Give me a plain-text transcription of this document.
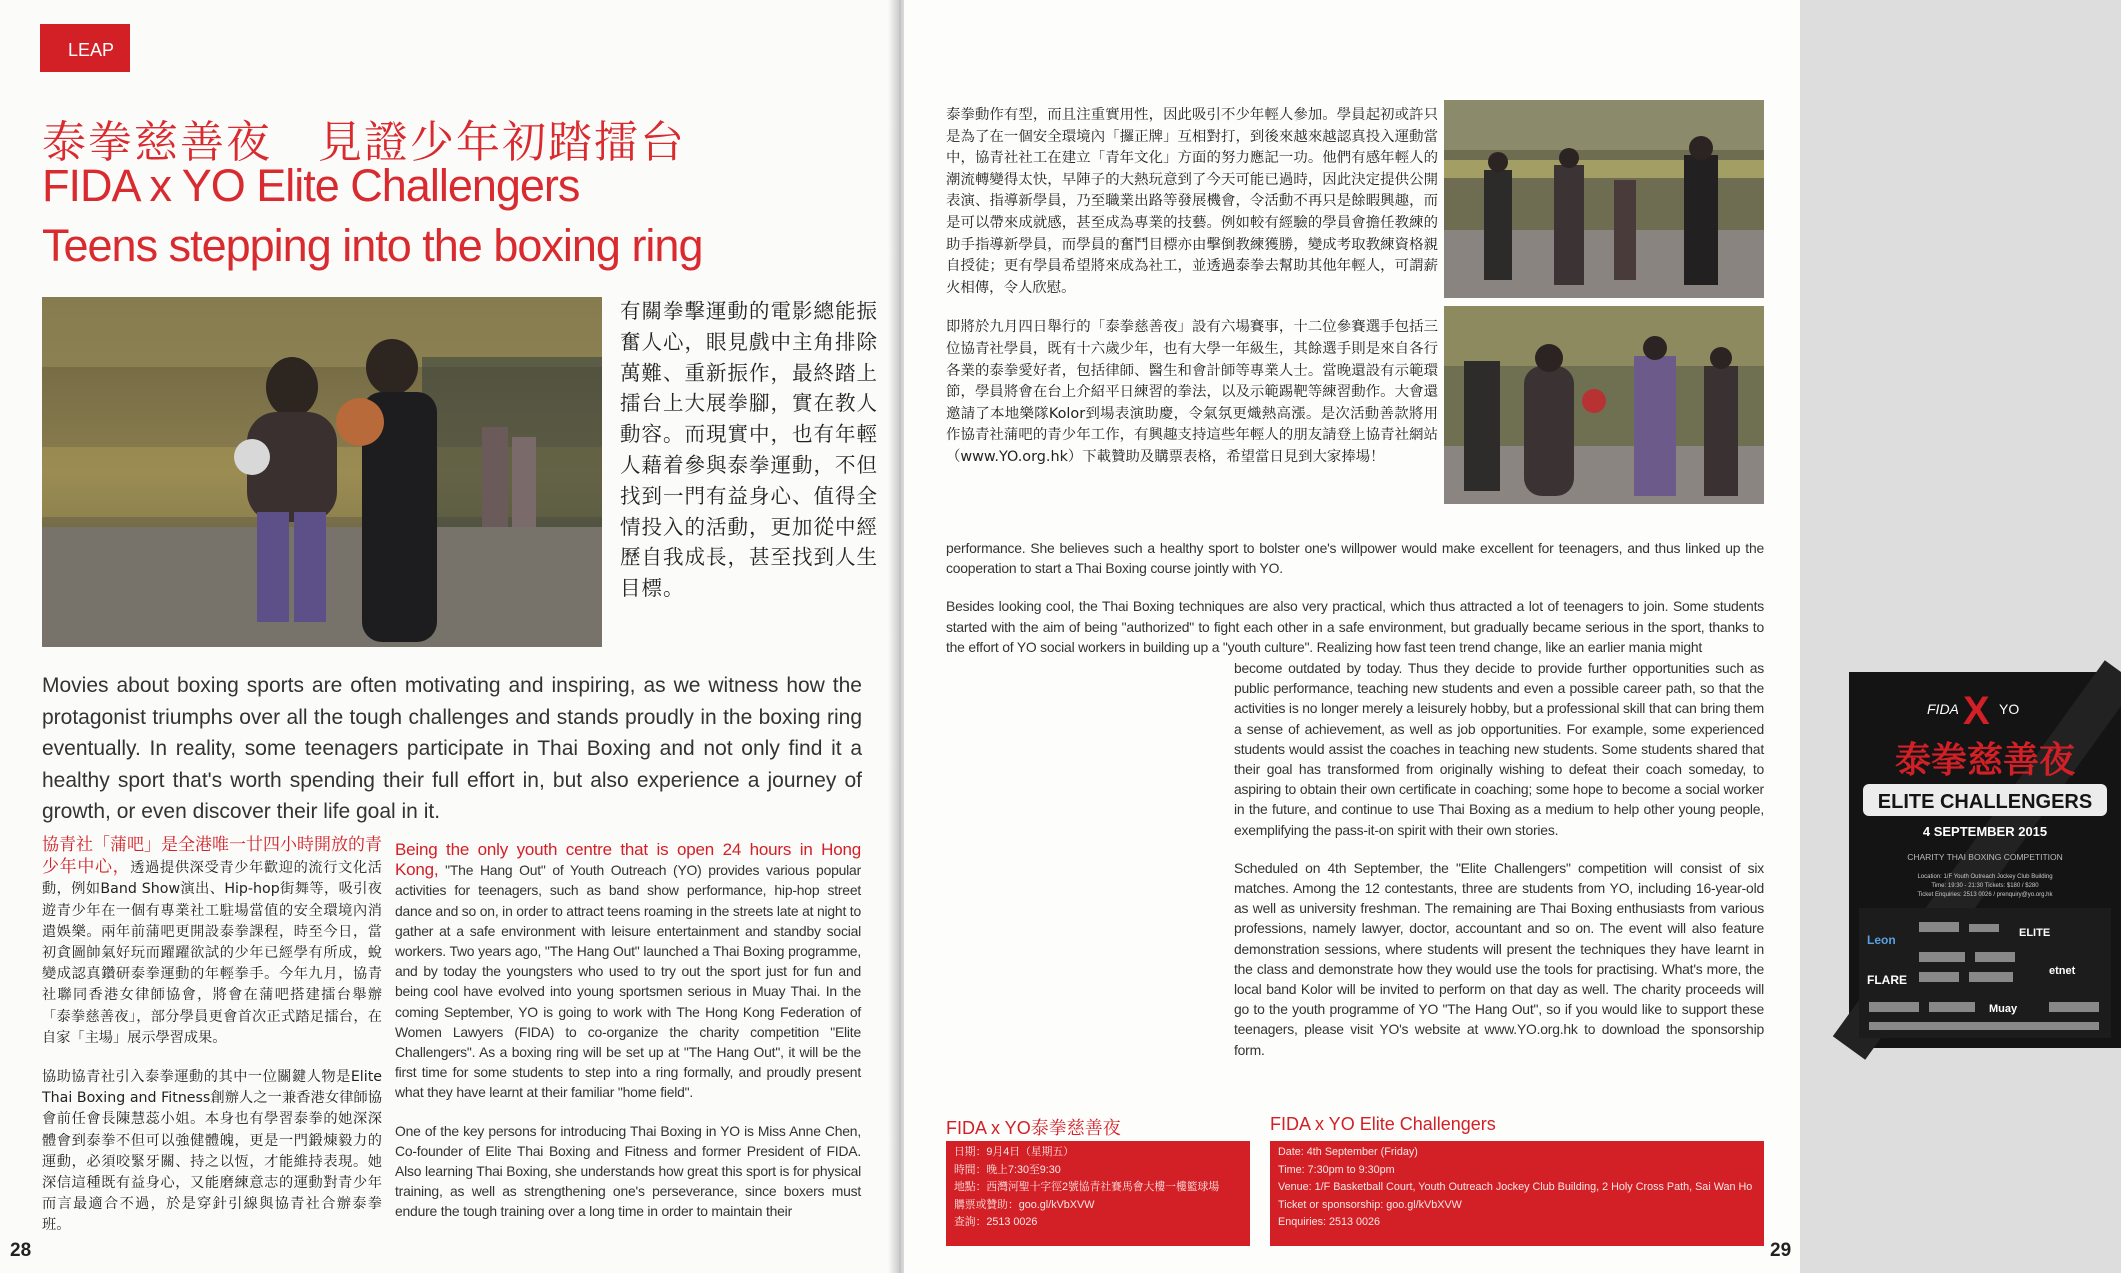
LEAP
泰拳慈善夜　見證少年初踏擂台
FIDA x YO Elite Challengers
Teens stepping into the boxing ring
有關拳擊運動的電影總能振奮人心，眼見戲中主角排除萬難、重新振作，最終踏上擂台上大展拳腳，實在教人動容。而現實中，也有年輕人藉着參與泰拳運動，不但找到一門有益身心、值得全情投入的活動，更加從中經歷自我成長，甚至找到人生目標。
Movies about boxing sports are often motivating and inspiring, as we witness how the protagonist triumphs over all the tough challenges and stands proudly in the boxing ring eventually. In reality, some teenagers participate in Thai Boxing and not only find it a healthy sport that's worth spending their full effort in, but also experience a journey of growth, or even discover their life goal in it.

協青社「蒲吧」是全港唯一廿四小時開放的青少年中心，透過提供深受青少年歡迎的流行文化活動，例如Band Show演出、Hip-hop街舞等，吸引夜遊青少年在一個有專業社工駐場當值的安全環境內消遣娛樂。兩年前蒲吧更開設泰拳課程，時至今日，當初貪圖帥氣好玩而躍躍欲試的少年已經學有所成，蛻變成認真鑽研泰拳運動的年輕拳手。今年九月，協青社聯同香港女律師協會，將會在蒲吧搭建擂台舉辦「泰拳慈善夜」，部分學員更會首次正式踏足擂台，在自家「主場」展示學習成果。

協助協青社引入泰拳運動的其中一位關鍵人物是Elite Thai Boxing and Fitness創辦人之一兼香港女律師協會前任會長陳慧蕊小姐。本身也有學習泰拳的她深深體會到泰拳不但可以強健體魄，更是一門鍛煉毅力的運動，必須咬緊牙關、持之以恆，才能維持表現。她深信這種既有益身心，又能磨練意志的運動對青少年而言最適合不過，於是穿針引線與協青社合辦泰拳班。

Being the only youth centre that is open 24 hours in Hong Kong, "The Hang Out" of Youth Outreach (YO) provides various popular activities for teenagers, such as band show performance, hip-hop street dance and so on, in order to attract teens roaming in the streets late at night to gather at a safe environment with leisure entertainment and standby social workers. Two years ago, "The Hang Out" launched a Thai Boxing programme, and by today the youngsters who used to try out the sport just for fun and being cool have evolved into young sportsmen serious in Muay Thai. In the coming September, YO is going to work with The Hong Kong Federation of Women Lawyers (FIDA) to co-organize the charity competition "Elite Challengers". As a boxing ring will be set up at "The Hang Out", it will be the first time for some students to step into a ring formally, and proudly present what they have learnt at their familiar "home field".

One of the key persons for introducing Thai Boxing in YO is Miss Anne Chen, Co-founder of Elite Thai Boxing and Fitness and former President of FIDA. Also learning Thai Boxing, she understands how great this sport is for physical training, as well as strengthening one's perseverance, since boxers must endure the tough training over a long time in order to maintain their

28

泰拳動作有型，而且注重實用性，因此吸引不少年輕人參加。學員起初或許只是為了在一個安全環境內「攞正牌」互相對打，到後來越來越認真投入運動當中，協青社社工在建立「青年文化」方面的努力應記一功。他們有感年輕人的潮流轉變得太快，早陣子的大熱玩意到了今天可能已過時，因此決定提供公開表演、指導新學員，乃至職業出路等發展機會，令活動不再只是餘暇興趣，而是可以帶來成就感，甚至成為專業的技藝。例如較有經驗的學員會擔任教練的助手指導新學員，而學員的奮鬥目標亦由擊倒教練獲勝，變成考取教練資格親自授徒；更有學員希望將來成為社工，並透過泰拳去幫助其他年輕人，可謂薪火相傳，令人欣慰。

即將於九月四日舉行的「泰拳慈善夜」設有六場賽事，十二位參賽選手包括三位協青社學員，既有十六歲少年，也有大學一年級生，其餘選手則是來自各行各業的泰拳愛好者，包括律師、醫生和會計師等專業人士。當晚還設有示範環節，學員將會在台上介紹平日練習的拳法，以及示範踢靶等練習動作。大會還邀請了本地樂隊Kolor到場表演助慶，令氣氛更熾熱高漲。是次活動善款將用作協青社蒲吧的青少年工作，有興趣支持這些年輕人的朋友請登上協青社網站（www.YO.org.hk）下載贊助及購票表格，希望當日見到大家捧場！

performance. She believes such a healthy sport to bolster one's willpower would make excellent for teenagers, and thus linked up the cooperation to start a Thai Boxing course jointly with YO.

Besides looking cool, the Thai Boxing techniques are also very practical, which thus attracted a lot of teenagers to join. Some students started with the aim of being "authorized" to fight each other in a safe environment, but gradually became serious in the sport, thanks to the effort of YO social workers in building up a "youth culture". Realizing how fast teen trend change, like an earlier mania might

FIDA X YO
泰拳慈善夜
ELITE CHALLENGERS
4 SEPTEMBER 2015
CHARITY THAI BOXING COMPETITION
Location: 1/F Youth Outreach Jockey Club Building
Time: 19:30 - 21:30 Tickets: $180 / $280
Ticket Enquiries: 2513 0026 / prenquiry@yo.org.hk
ELITE
FLARE
etnet
Muay
Leon

become outdated by today. Thus they decide to provide further opportunities such as public performance, teaching new students and even a possible career path, so that the activities is no longer merely a leisurely hobby, but a professional skill that can bring them a sense of achievement, as well as job opportunities. For example, some experienced students would assist the coaches in teaching new students. Some students shared that their goal has transformed from originally wishing to defeat their coach someday, to aspiring to obtain their own certificate in coaching; some hope to become a social worker in the future, and continue to use Thai Boxing as a medium to help other young people, exemplifying the pass-it-on spirit with their own stories.

Scheduled on 4th September, the "Elite Challengers" competition will consist of six matches. Among the 12 contestants, three are students from YO, including 16-year-old as well as university freshman. The remaining are Thai Boxing enthusiasts from various professions, namely lawyer, doctor, accountant and so on. The event will also feature demonstration sessions, where students will present the techniques they have learnt in the class and demonstrate how they would use the tools for practising. What's more, the local band Kolor will be invited to perform on that day as well. The charity proceeds will go to the youth programme of YO "The Hang Out", so if you would like to support these teenagers, please visit YO's website at www.YO.org.hk to download the sponsorship form.

FIDA x YO泰拳慈善夜
日期：9月4日（星期五）
時間：晚上7:30至9:30
地點：西灣河聖十字徑2號協青社賽馬會大樓一樓籃球場
購票或贊助：goo.gl/kVbXVW
查詢：2513 0026
FIDA x YO Elite Challengers
Date: 4th September (Friday)
Time: 7:30pm to 9:30pm
Venue: 1/F Basketball Court, Youth Outreach Jockey Club Building, 2 Holy Cross Path, Sai Wan Ho
Ticket or sponsorship: goo.gl/kVbXVW
Enquiries: 2513 0026
29
